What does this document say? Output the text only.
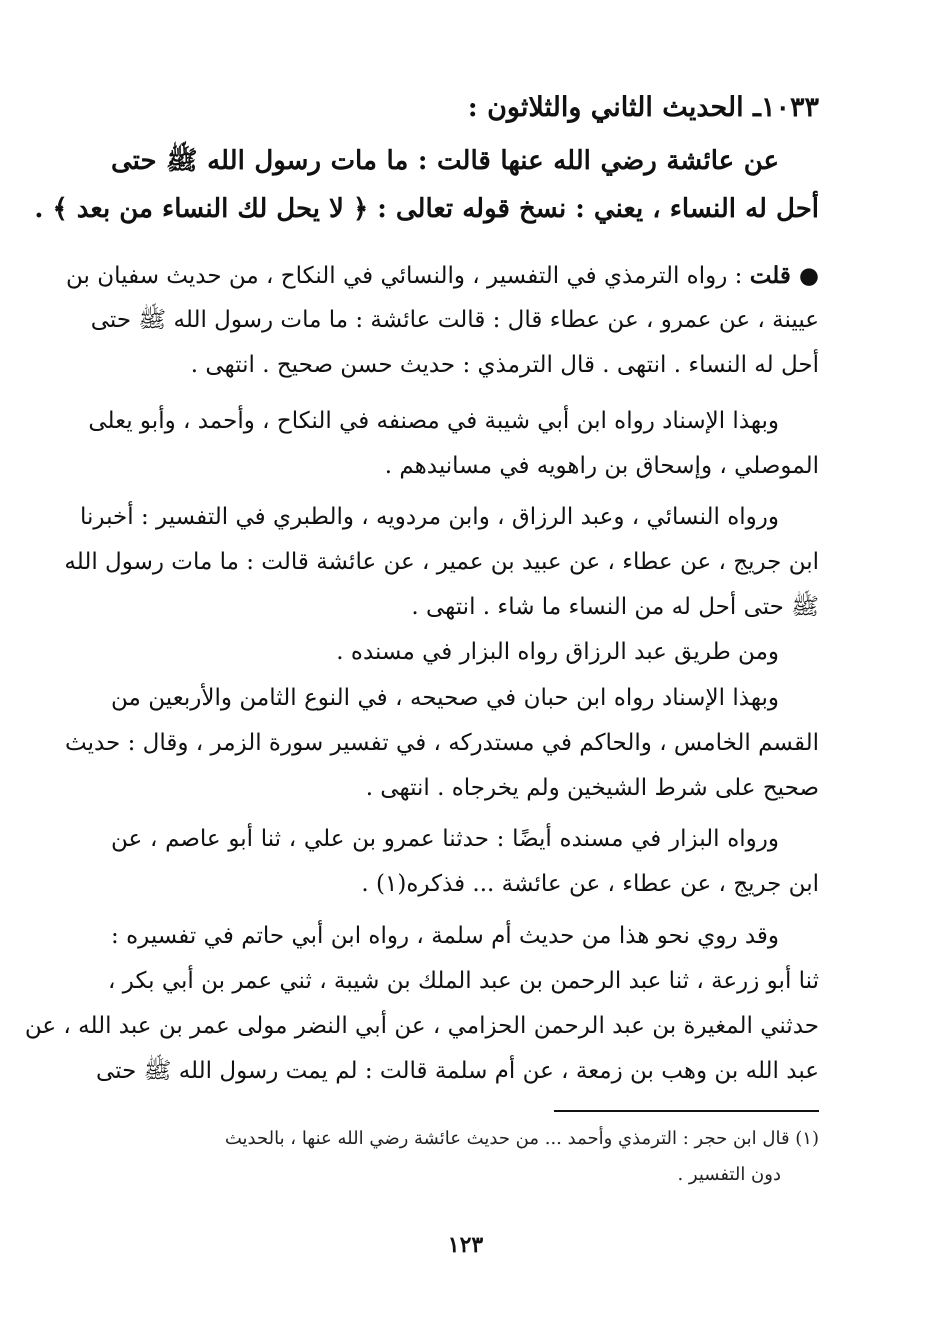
١٠٣٣ـ الحديث الثاني والثلاثون :
عن عائشة رضي الله عنها قالت : ما مات رسول الله ﷺ حتى
أحل له النساء ، يعني : نسخ قوله تعالى : ﴿ لا يحل لك النساء من بعد ﴾ .
● قلت : رواه الترمذي في التفسير ، والنسائي في النكاح ، من حديث سفيان بن
عيينة ، عن عمرو ، عن عطاء قال : قالت عائشة : ما مات رسول الله ﷺ حتى
أحل له النساء . انتهى . قال الترمذي : حديث حسن صحيح . انتهى .
وبهذا الإسناد رواه ابن أبي شيبة في مصنفه في النكاح ، وأحمد ، وأبو يعلى
الموصلي ، وإسحاق بن راهويه في مسانيدهم .
ورواه النسائي ، وعبد الرزاق ، وابن مردويه ، والطبري في التفسير : أخبرنا
ابن جريج ، عن عطاء ، عن عبيد بن عمير ، عن عائشة قالت : ما مات رسول الله
ﷺ حتى أحل له من النساء ما شاء . انتهى .
ومن طريق عبد الرزاق رواه البزار في مسنده .
وبهذا الإسناد رواه ابن حبان في صحيحه ، في النوع الثامن والأربعين من
القسم الخامس ، والحاكم في مستدركه ، في تفسير سورة الزمر ، وقال : حديث
صحيح على شرط الشيخين ولم يخرجاه . انتهى .
ورواه البزار في مسنده أيضًا : حدثنا عمرو بن علي ، ثنا أبو عاصم ، عن
ابن جريج ، عن عطاء ، عن عائشة ... فذكره(١) .
وقد روي نحو هذا من حديث أم سلمة ، رواه ابن أبي حاتم في تفسيره :
ثنا أبو زرعة ، ثنا عبد الرحمن بن عبد الملك بن شيبة ، ثني عمر بن أبي بكر ،
حدثني المغيرة بن عبد الرحمن الحزامي ، عن أبي النضر مولى عمر بن عبد الله ، عن
عبد الله بن وهب بن زمعة ، عن أم سلمة قالت : لم يمت رسول الله ﷺ حتى
(١) قال ابن حجر : الترمذي وأحمد ... من حديث عائشة رضي الله عنها ، بالحديث
دون التفسير .
١٢٣
